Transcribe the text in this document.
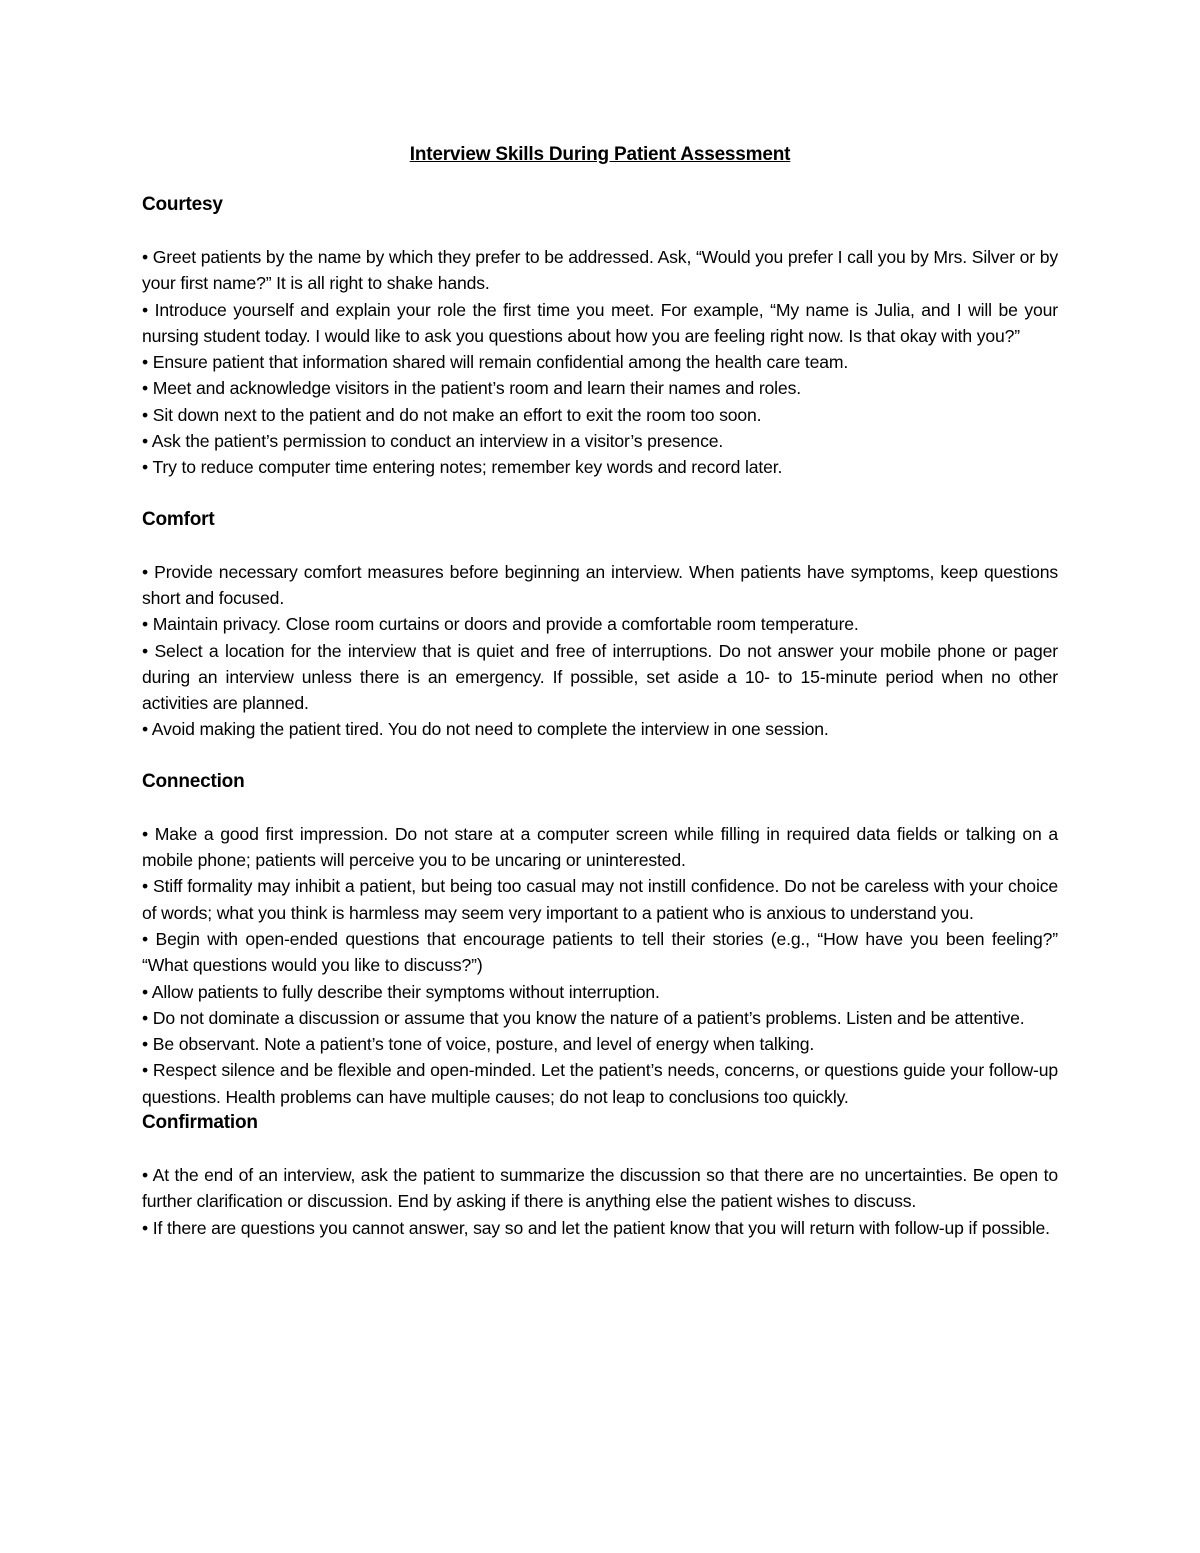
Interview Skills During Patient Assessment
Courtesy
• Greet patients by the name by which they prefer to be addressed. Ask, “Would you prefer I call you by Mrs. Silver or by your first name?” It is all right to shake hands.
• Introduce yourself and explain your role the first time you meet. For example, “My name is Julia, and I will be your nursing student today. I would like to ask you questions about how you are feeling right now. Is that okay with you?”
• Ensure patient that information shared will remain confidential among the health care team.
• Meet and acknowledge visitors in the patient’s room and learn their names and roles.
• Sit down next to the patient and do not make an effort to exit the room too soon.
• Ask the patient’s permission to conduct an interview in a visitor’s presence.
• Try to reduce computer time entering notes; remember key words and record later.
Comfort
• Provide necessary comfort measures before beginning an interview. When patients have symptoms, keep questions short and focused.
• Maintain privacy. Close room curtains or doors and provide a comfortable room temperature.
• Select a location for the interview that is quiet and free of interruptions. Do not answer your mobile phone or pager during an interview unless there is an emergency. If possible, set aside a 10- to 15-minute period when no other activities are planned.
• Avoid making the patient tired. You do not need to complete the interview in one session.
Connection
• Make a good first impression. Do not stare at a computer screen while filling in required data fields or talking on a mobile phone; patients will perceive you to be uncaring or uninterested.
• Stiff formality may inhibit a patient, but being too casual may not instill confidence. Do not be careless with your choice of words; what you think is harmless may seem very important to a patient who is anxious to understand you.
• Begin with open-ended questions that encourage patients to tell their stories (e.g., “How have you been feeling?” “What questions would you like to discuss?”)
• Allow patients to fully describe their symptoms without interruption.
• Do not dominate a discussion or assume that you know the nature of a patient’s problems. Listen and be attentive.
• Be observant. Note a patient’s tone of voice, posture, and level of energy when talking.
• Respect silence and be flexible and open-minded. Let the patient’s needs, concerns, or questions guide your follow-up questions. Health problems can have multiple causes; do not leap to conclusions too quickly.
Confirmation
• At the end of an interview, ask the patient to summarize the discussion so that there are no uncertainties. Be open to further clarification or discussion. End by asking if there is anything else the patient wishes to discuss.
• If there are questions you cannot answer, say so and let the patient know that you will return with follow-up if possible.
